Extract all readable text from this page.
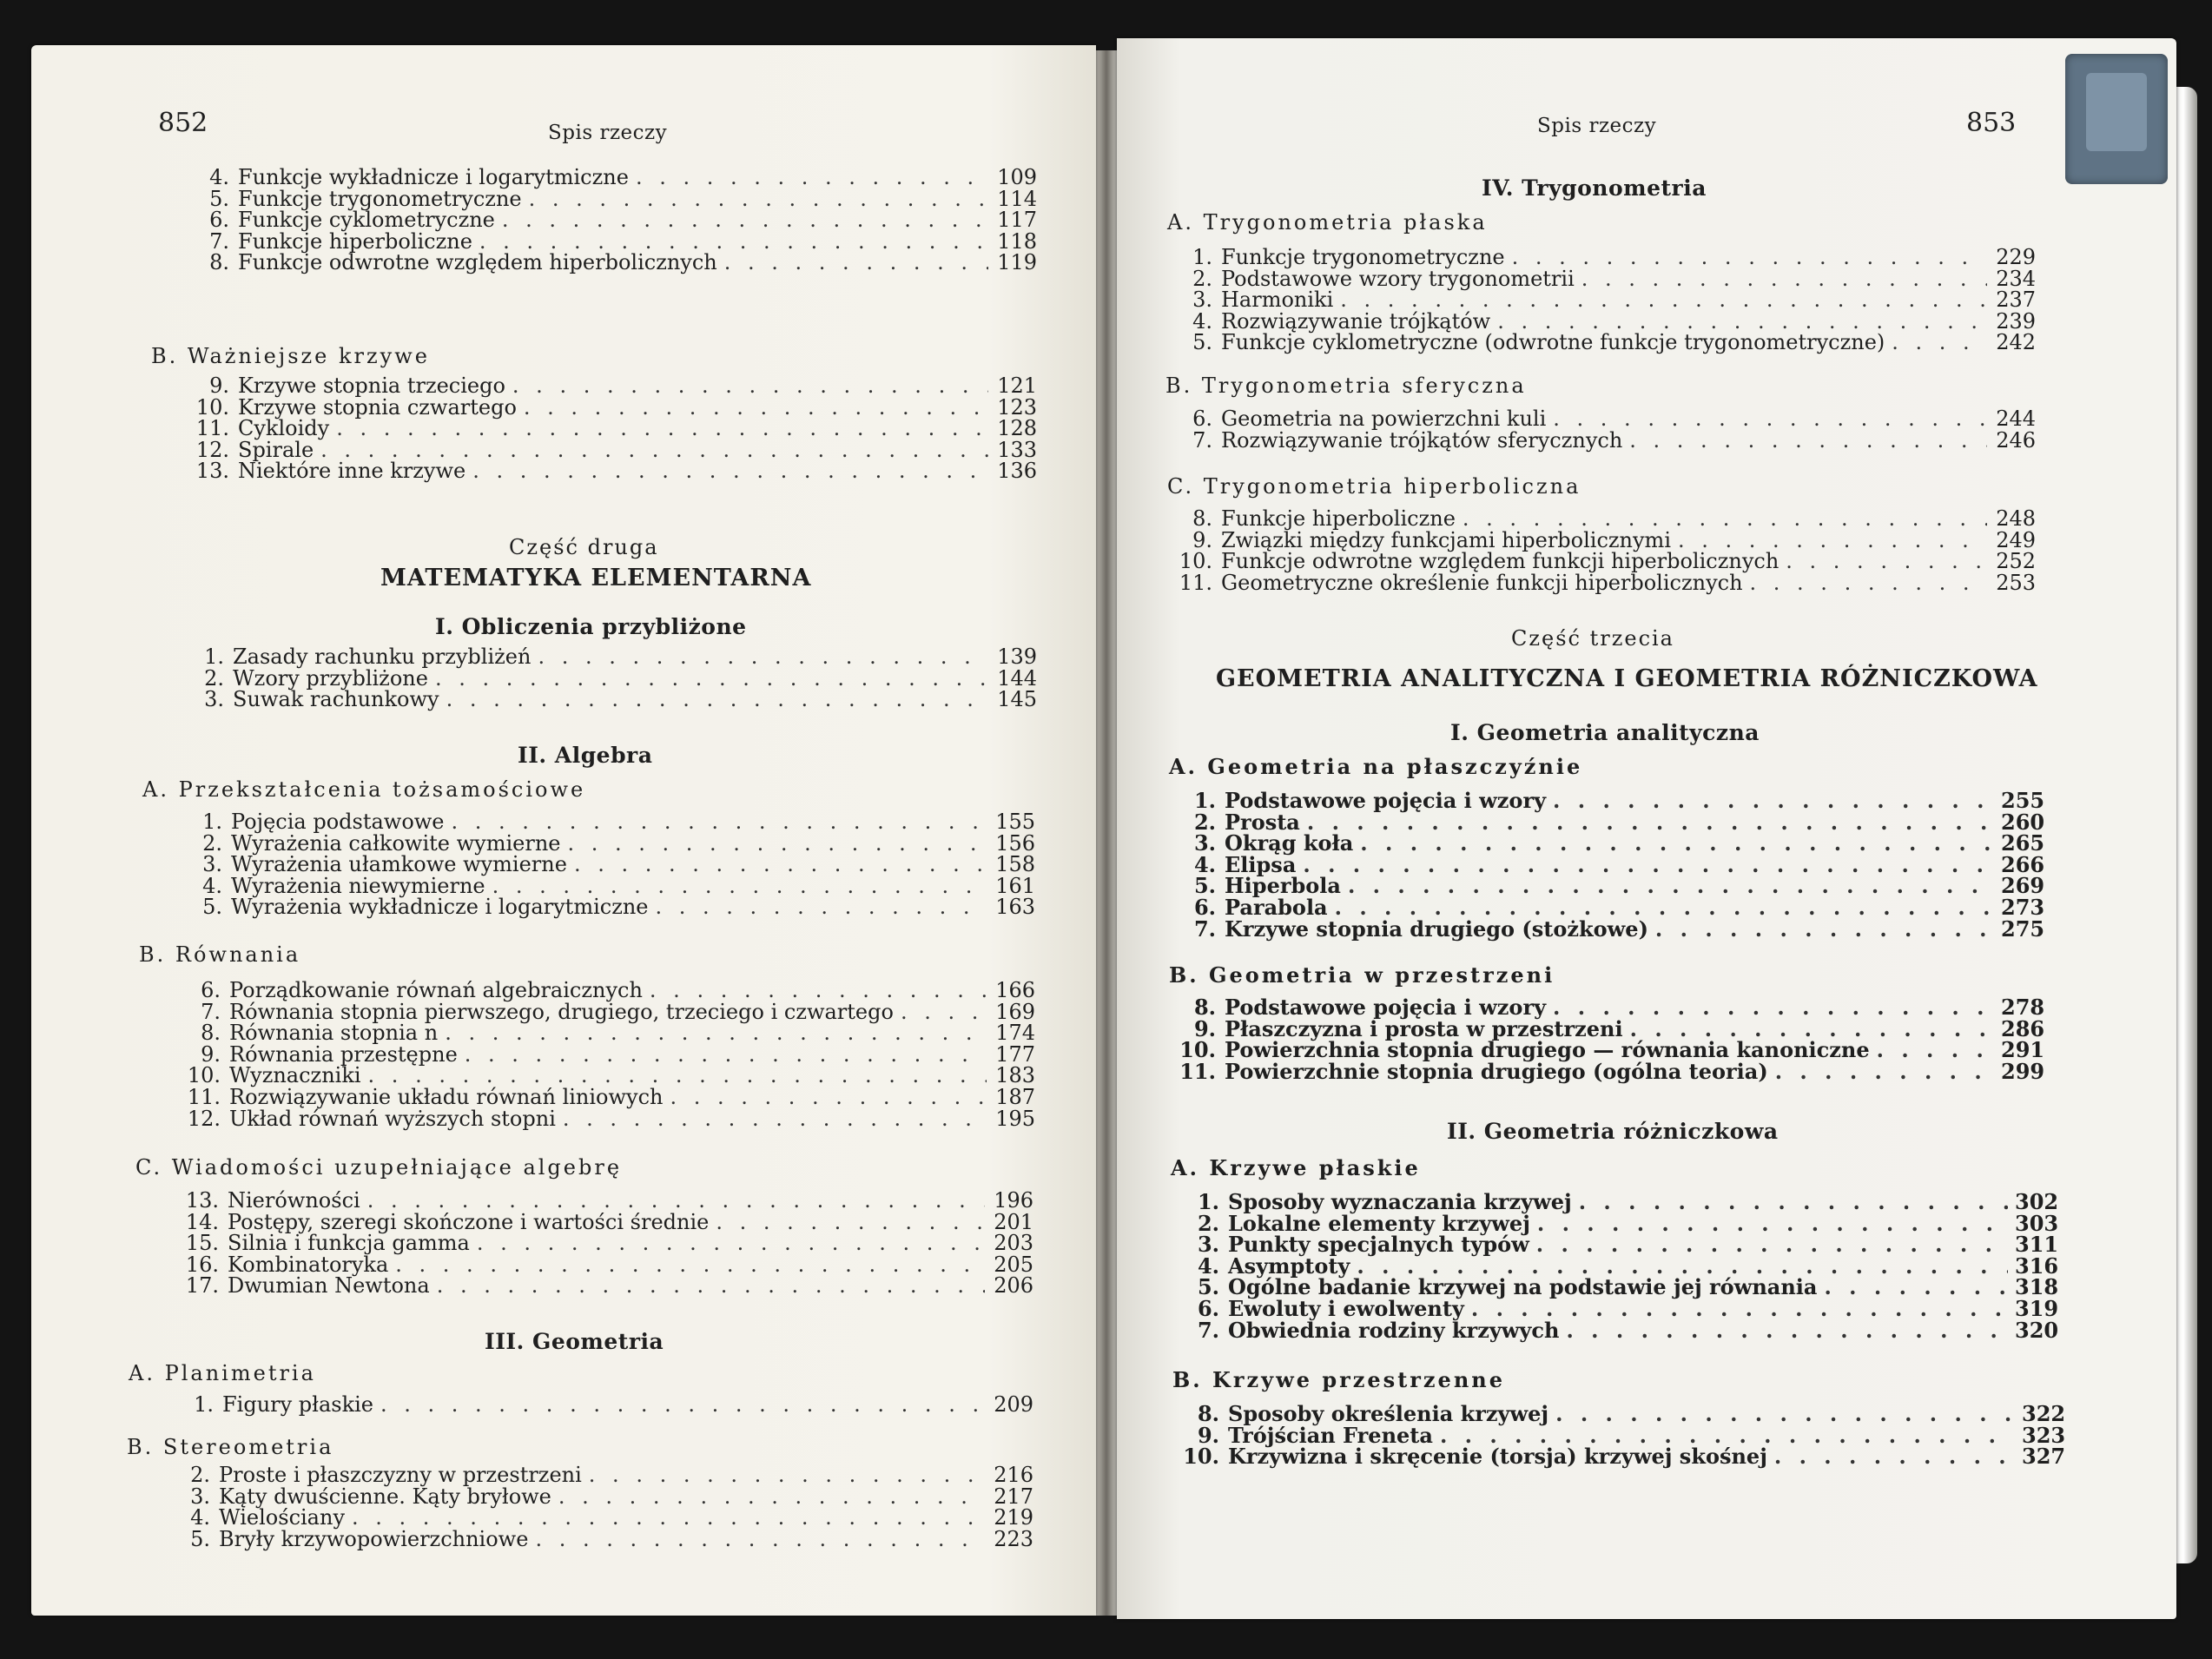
852	Spis rzeczy
4. Funkcje wykładnicze i logarytmiczne . . .	109
5. Funkcje trygonometryczne . . .	114
6. Funkcje cyklometryczne . . .	117
7. Funkcje hiperboliczne . . .	118
8. Funkcje odwrotne względem hiperbolicznych . . .	119
B. Ważniejsze krzywe
9. Krzywe stopnia trzeciego . . .	121
10. Krzywe stopnia czwartego . . .	123
11. Cykloidy . . .	128
12. Spirale . . .	133
13. Niektóre inne krzywe . . .	136
Część druga
MATEMATYKA ELEMENTARNA
I. Obliczenia przybliżone
1. Zasady rachunku przybliżeń . . .	139
2. Wzory przybliżone . . .	144
3. Suwak rachunkowy . . .	145
II. Algebra
A. Przekształcenia tożsamościowe
1. Pojęcia podstawowe . . .	155
2. Wyrażenia całkowite wymierne . . .	156
3. Wyrażenia ułamkowe wymierne . . .	158
4. Wyrażenia niewymierne . . .	161
5. Wyrażenia wykładnicze i logarytmiczne . . .	163
B. Równania
6. Porządkowanie równań algebraicznych . . .	166
7. Równania stopnia pierwszego, drugiego, trzeciego i czwartego . . .	169
8. Równania stopnia n . . .	174
9. Równania przestępne . . .	177
10. Wyznaczniki . . .	183
11. Rozwiązywanie układu równań liniowych . . .	187
12. Układ równań wyższych stopni . . .	195
C. Wiadomości uzupełniające algebrę
13. Nierówności . . .	196
14. Postępy, szeregi skończone i wartości średnie . . .	201
15. Silnia i funkcja gamma . . .	203
16. Kombinatoryka . . .	205
17. Dwumian Newtona . . .	206
III. Geometria
A. Planimetria
1. Figury płaskie . . .	209
B. Stereometria
2. Proste i płaszczyzny w przestrzeni . . .	216
3. Kąty dwuścienne. Kąty bryłowe . . .	217
4. Wielościany . . .	219
5. Bryły krzywopowierzchniowe . . .	223
Spis rzeczy	853
IV. Trygonometria
A. Trygonometria płaska
1. Funkcje trygonometryczne . . .	229
2. Podstawowe wzory trygonometrii . . .	234
3. Harmoniki . . .	237
4. Rozwiązywanie trójkątów . . .	239
5. Funkcje cyklometryczne (odwrotne funkcje trygonometryczne) . . .	242
B. Trygonometria sferyczna
6. Geometria na powierzchni kuli . . .	244
7. Rozwiązywanie trójkątów sferycznych . . .	246
C. Trygonometria hiperboliczna
8. Funkcje hiperboliczne . . .	248
9. Związki między funkcjami hiperbolicznymi . . .	249
10. Funkcje odwrotne względem funkcji hiperbolicznych . . .	252
11. Geometryczne określenie funkcji hiperbolicznych . . .	253
Część trzecia
GEOMETRIA ANALITYCZNA I GEOMETRIA RÓŻNICZKOWA
I. Geometria analityczna
A. Geometria na płaszczyźnie
1. Podstawowe pojęcia i wzory . . .	255
2. Prosta . . .	260
3. Okrąg koła . . .	265
4. Elipsa . . .	266
5. Hiperbola . . .	269
6. Parabola . . .	273
7. Krzywe stopnia drugiego (stożkowe) . . .	275
B. Geometria w przestrzeni
8. Podstawowe pojęcia i wzory . . .	278
9. Płaszczyzna i prosta w przestrzeni . . .	286
10. Powierzchnia stopnia drugiego — równania kanoniczne . . .	291
11. Powierzchnie stopnia drugiego (ogólna teoria) . . .	299
II. Geometria różniczkowa
A. Krzywe płaskie
1. Sposoby wyznaczania krzywej . . .	302
2. Lokalne elementy krzywej . . .	303
3. Punkty specjalnych typów . . .	311
4. Asymptoty . . .	316
5. Ogólne badanie krzywej na podstawie jej równania . . .	318
6. Ewoluty i ewolwenty . . .	319
7. Obwiednia rodziny krzywych . . .	320
B. Krzywe przestrzenne
8. Sposoby określenia krzywej . . .	322
9. Trójścian Freneta . . .	323
10. Krzywizna i skręcenie (torsja) krzywej skośnej . . .	327
